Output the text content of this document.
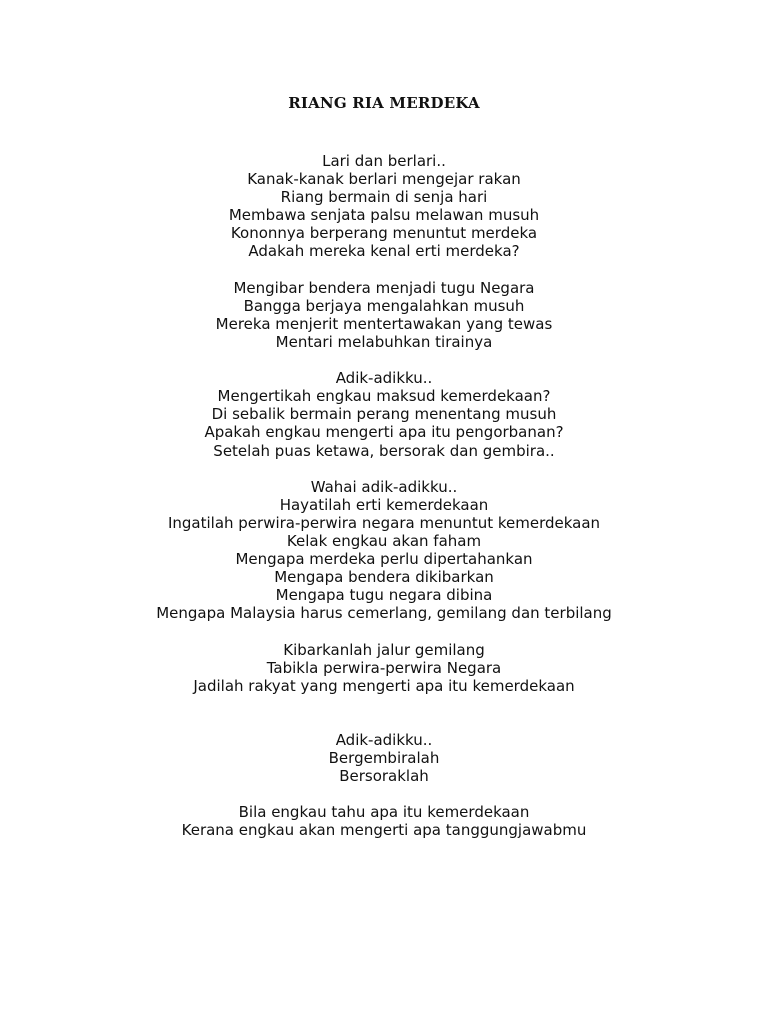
RIANG RIA MERDEKA
Lari dan berlari..
Kanak-kanak berlari mengejar rakan
Riang bermain di senja hari
Membawa senjata palsu melawan musuh
Kononnya berperang menuntut merdeka
Adakah mereka kenal erti merdeka?
Mengibar bendera menjadi tugu Negara
Bangga berjaya mengalahkan musuh
Mereka menjerit mentertawakan yang tewas
Mentari melabuhkan tirainya
Adik-adikku..
Mengertikah engkau maksud kemerdekaan?
Di sebalik bermain perang menentang musuh
Apakah engkau mengerti apa itu pengorbanan?
Setelah puas ketawa, bersorak dan gembira..
Wahai adik-adikku..
Hayatilah erti kemerdekaan
Ingatilah perwira-perwira negara menuntut kemerdekaan
Kelak engkau akan faham
Mengapa merdeka perlu dipertahankan
Mengapa bendera dikibarkan
Mengapa tugu negara dibina
Mengapa Malaysia harus cemerlang, gemilang dan terbilang
Kibarkanlah jalur gemilang
Tabikla perwira-perwira Negara
Jadilah rakyat yang mengerti apa itu kemerdekaan
Adik-adikku..
Bergembiralah
Bersoraklah
Bila engkau tahu apa itu kemerdekaan
Kerana engkau akan mengerti apa tanggungjawabmu
